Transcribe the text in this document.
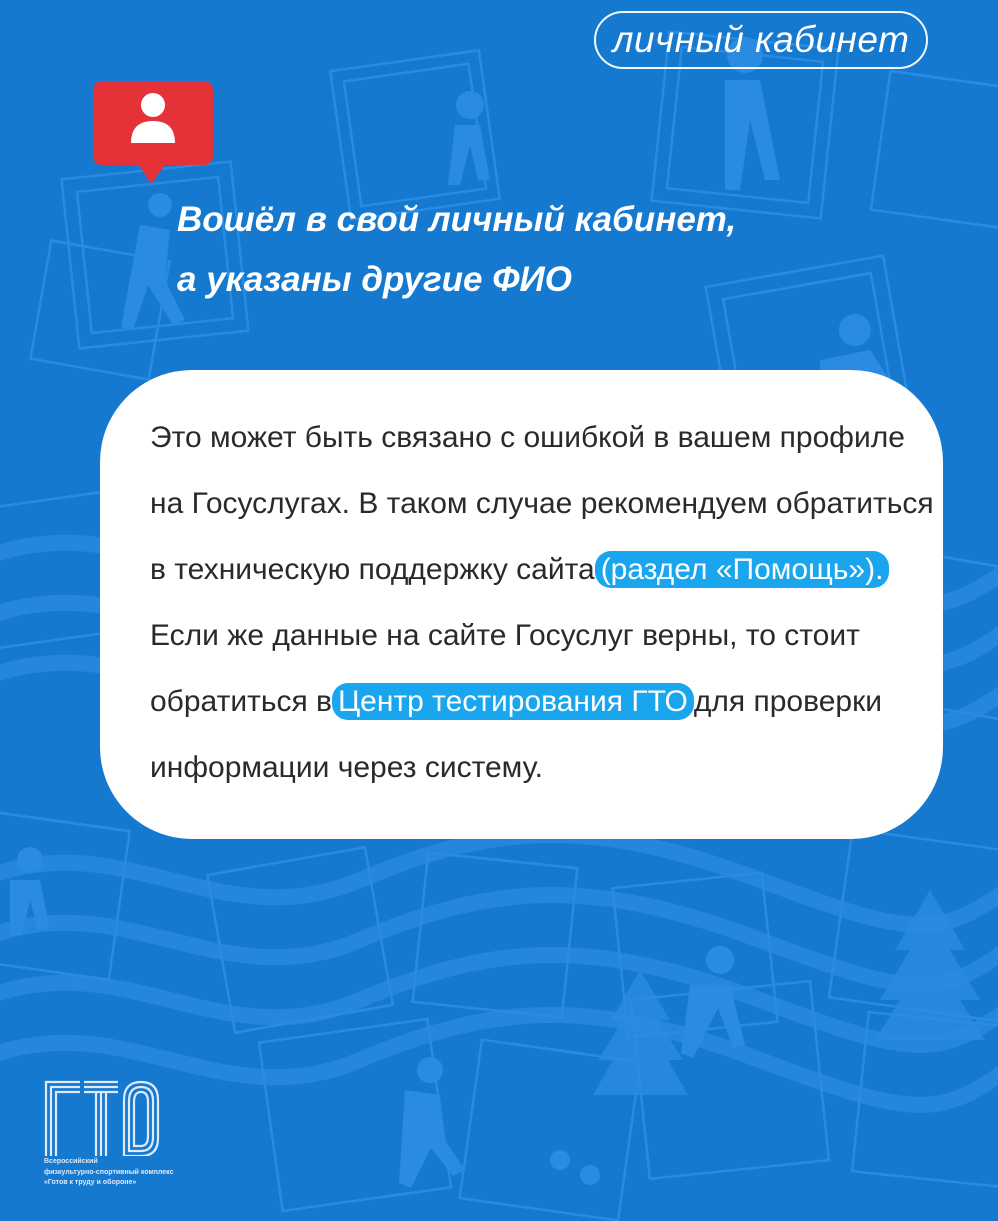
личный кабинет
Вошёл в свой личный кабинет,
а указаны другие ФИО
Это может быть связано с ошибкой в вашем профиле
на Госуслугах. В таком случае рекомендуем обратиться
в техническую поддержку сайта (раздел «Помощь»).
Если же данные на сайте Госуслуг верны, то стоит
обратиться в Центр тестирования ГТО для проверки
информации через систему.
Всероссийский
физкультурно-спортивный комплекс
«Готов к труду и обороне»
